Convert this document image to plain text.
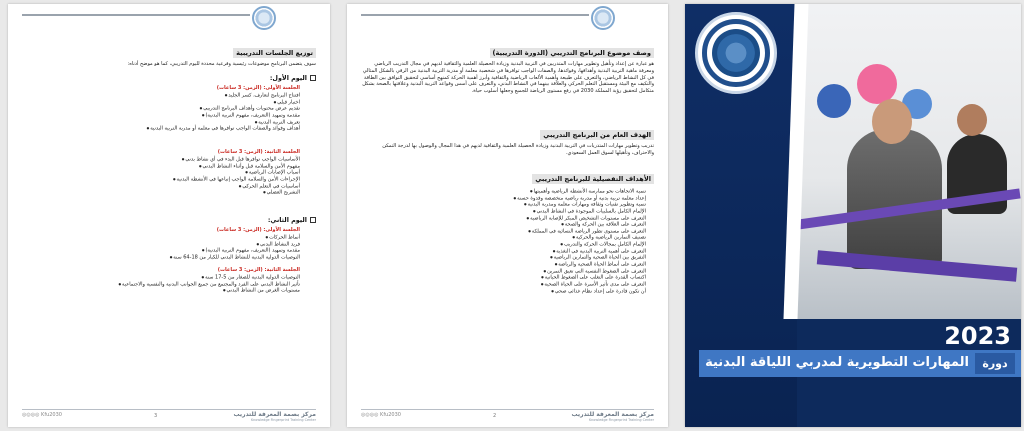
توزيع الجلسات التدريبية
سوف يتضمن البرنامج موضوعات رئيسية وفرعية محددة لليوم التدريبي، كما هو موضح أدناه:
اليوم الأول:
الجلسة الأولى: (الزمن: 3 ساعات)
افتتاح البرنامج لتعارف، كسر الجليد ●
اختبار قبلي ●
تقديم عرض محتويات وأهداف البرنامج التدريبي ●
مقدمة وتمهيد (التعريف، مفهوم التربية البدنية) ●
تعريف التربية البدنية ●
أهداف وفوائد والصفات الواجب توافرها في معلمة أو مدربة التربية البدنية ●
الجلسة الثانية: (الزمن: 3 ساعات)
الأساسيات الواجب توافرها قبل البدء في أي نشاط بدني ●
مفهوم الأمن والسلامة قبل وأثناء النشاط البدني ●
أسباب الإصابات الرياضية ●
الإجراءات الأمن والسلامة الواجب إتباعها في الأنشطة البدنية ●
أساسيات في التعلم الحركي ●
التشريح العضلي ●
اليوم الثاني:
الجلسة الأولى: (الزمن: 3 ساعات)
أنماط الحركات ●
فريد النشاط البدني ●
مقدمة وتمهيد (التعريف، مفهوم التربية البدنية) ●
التوصيات الدولية البدنية للنشاط البدني للكبار من 18-64 سنة ●
الجلسة الثانية: (الزمن: 3 ساعات)
التوصيات الدولية البدنية للصغار من 5-17 سنة ●
تأثير النشاط البدني على الفرد والمجتمع من جميع الجوانب البدنية والنفسية والاجتماعية ●
مستويات الغرض من النشاط البدني ●
◎◎◎◎ Kfu2030	3	مركز بصمة المعرفة للتدريب
Knowledge Fingerprint Training Center
وصف موضوع البرنامج التدريبي (الدورة التدريبية)
هو عبارة عن إعداد وتأهيل وتطوير مهارات المتدربين في التربية البدنية وزيادة الحصيلة العلمية والثقافية لديهم في مجال التدريب الرياضي ومعرفة ماهية التربية البدنية وأهدافها، وفوائدها، والصفات الواجب توافرها في شخصية معلمة أو مدربة التربية البدنية من الرقي بالشكل المثالي في كل النشاط الرياضي، والتعرف على طبيعة وأهمية الألعاب الرياضية والثقافية وأبرز أهمية الحركة كمنهج أساسي لتحقيق التوافق بين الطاقة والتكيف مع البيئة ومستقبل التعلم الحركي والعلاقة بينهما في النشاط البدني، والتعرف على أسس وقواعد التربية البدنية وعلاقتها بالصحة بشكل متكامل لتحقيق رؤية المملكة 2030 في رفع مستوى الرياضة للجميع وجعلها أسلوب حياة.
الهدف العام من البرنامج التدريبي
تدريب وتطوير مهارات المتدربات في التربية البدنية وزيادة الحصيلة العلمية والثقافية لديهم في هذا المجال والوصول بها لدرجة التمكن والاحتراف، وتأهيلها لسوق العمل السعودي.
الأهداف التفصيلية للبرنامج التدريبي
تنمية الاتجاهات نحو ممارسة الأنشطة الرياضية وأهميتها ●
إعداد معلمة تربية بدنية أو مدربة رياضية متخصصة وقدوة حسنة ●
تنمية وتطوير تقنيات وثقافة ومهارات معلمة ومدربة البدنية ●
الإلمام الكامل بالسلبيات الموجودة في النشاط البدني ●
التعرف على مستويات التشخيص المبكر للإصابة الرياضية ●
التعرف على العلاقة بين الحركة والصحة ●
التعرف على مستوى تطور الرياضة النسائية في المملكة ●
تصنيف التمارين الرياضية والحركية ●
الإلمام الكامل بمجالات الحركة والتدريب ●
التعرف على أهمية التربية البدنية في التغذية ●
التفريق بين الحياة الصحية والتمارين الرياضية ●
التعرف على أنماط الحياة الصحية والرياضة ●
التعرف على الضغوط النفسية التي تعيق التمرين ●
اكتساب القدرة على التغلب على الضغوط الحياتية ●
التعرف على مدى تأثير الأسرة على الحياة الصحية ●
أن تكون قادرة على إعداد نظام غذائي صحي ●
◎◎◎◎ Kfu2030	2	مركز بصمة المعرفة للتدريب
Knowledge Fingerprint Training Center
2023
المهارات التطويرية لمدربي اللياقة البدنية	دورة
